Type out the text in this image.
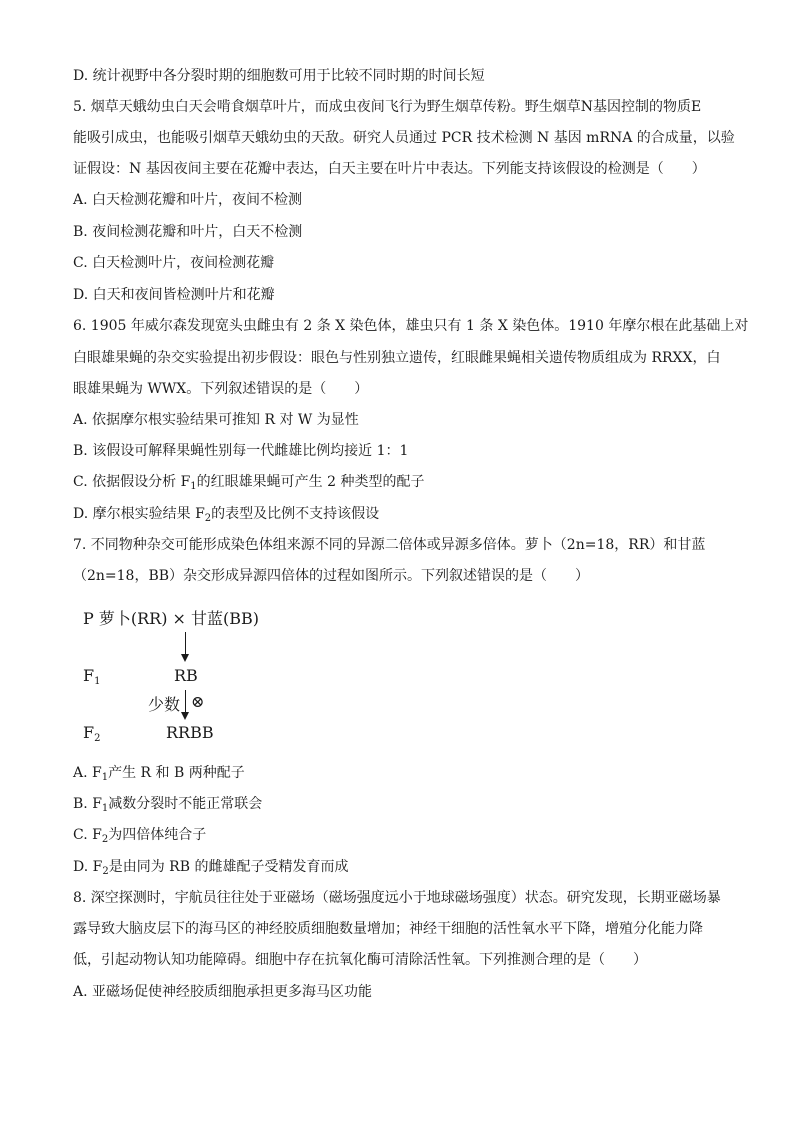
D. 统计视野中各分裂时期的细胞数可用于比较不同时期的时间长短
5. 烟草天蛾幼虫白天会啃食烟草叶片，而成虫夜间飞行为野生烟草传粉。野生烟草N基因控制的物质E
能吸引成虫，也能吸引烟草天蛾幼虫的天敌。研究人员通过 PCR 技术检测 N 基因 mRNA 的合成量，以验
证假设：N 基因夜间主要在花瓣中表达，白天主要在叶片中表达。下列能支持该假设的检测是（　　）
A. 白天检测花瓣和叶片，夜间不检测
B. 夜间检测花瓣和叶片，白天不检测
C. 白天检测叶片，夜间检测花瓣
D. 白天和夜间皆检测叶片和花瓣
6. 1905 年威尔森发现宽头虫雌虫有 2 条 X 染色体，雄虫只有 1 条 X 染色体。1910 年摩尔根在此基础上对
白眼雄果蝇的杂交实验提出初步假设：眼色与性别独立遗传，红眼雌果蝇相关遗传物质组成为 RRXX，白
眼雄果蝇为 WWX。下列叙述错误的是（　　）
A. 依据摩尔根实验结果可推知 R 对 W 为显性
B. 该假设可解释果蝇性别每一代雌雄比例均接近 1：1
C. 依据假设分析 $F_1$的红眼雄果蝇可产生 2 种类型的配子
D. 摩尔根实验结果 $F_2$的表型及比例不支持该假设
7. 不同物种杂交可能形成染色体组来源不同的异源二倍体或异源多倍体。萝卜（2n=18，RR）和甘蓝
（2n=18，BB）杂交形成异源四倍体的过程如图所示。下列叙述错误的是（　　）
P 萝卜(RR) × 甘蓝(BB)
$F_1$	RB
少数 ⊗
$F_2$	RRBB
A. $F_1$产生 R 和 B 两种配子
B. $F_1$减数分裂时不能正常联会
C. $F_2$为四倍体纯合子
D. $F_2$是由同为 RB 的雌雄配子受精发育而成
8. 深空探测时，宇航员往往处于亚磁场（磁场强度远小于地球磁场强度）状态。研究发现，长期亚磁场暴
露导致大脑皮层下的海马区的神经胶质细胞数量增加；神经干细胞的活性氧水平下降，增殖分化能力降
低，引起动物认知功能障碍。细胞中存在抗氧化酶可清除活性氧。下列推测合理的是（　　）
A. 亚磁场促使神经胶质细胞承担更多海马区功能
